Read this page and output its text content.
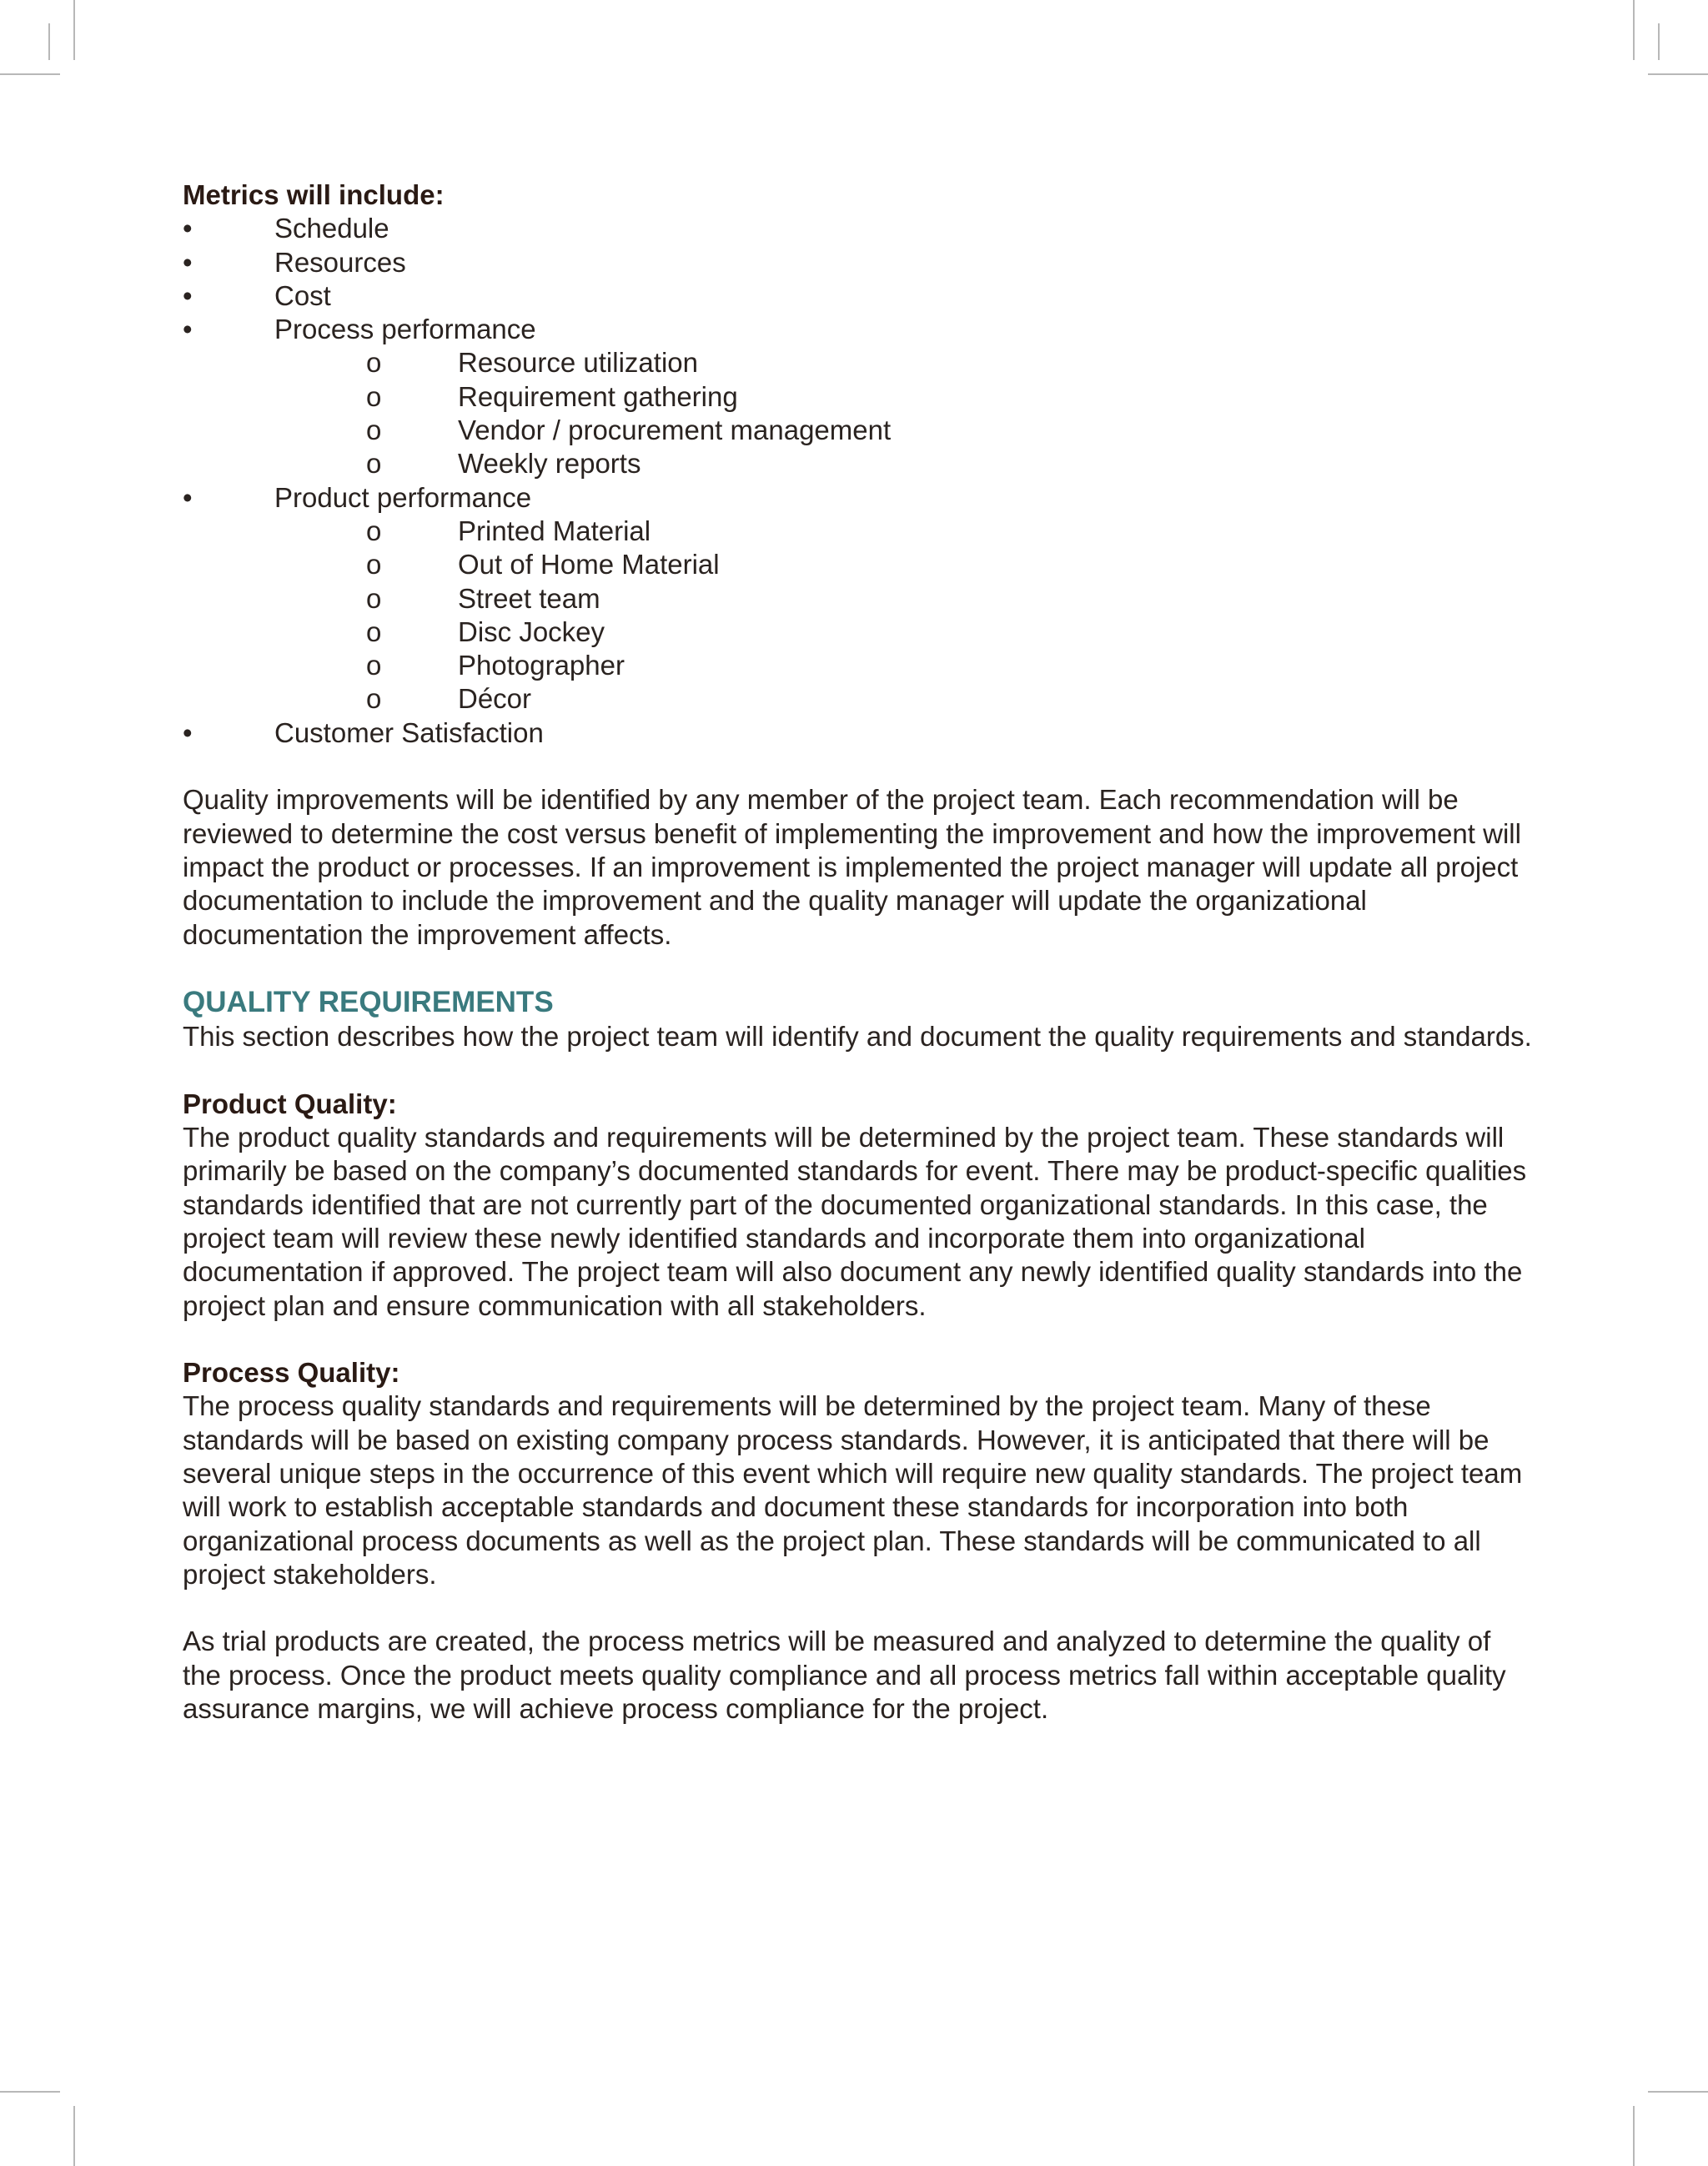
Metrics will include:

•	Schedule
•	Resources
•	Cost
•	Process performance
o	Resource utilization
o	Requirement gathering
o	Vendor / procurement management
o	Weekly reports
•	Product performance
o	Printed Material
o	Out of Home Material
o	Street team
o	Disc Jockey
o	Photographer
o	Décor
•	Customer Satisfaction

Quality improvements will be identified by any member of the project team. Each recommendation will be reviewed to determine the cost versus benefit of implementing the improvement and how the improvement will impact the product or processes. If an improvement is implemented the project manager will update all project documentation to include the improvement and the quality manager will update the organizational documentation the improvement affects.

QUALITY REQUIREMENTS

This section describes how the project team will identify and document the quality requirements and standards.

Product Quality:

The product quality standards and requirements will be determined by the project team. These standards will primarily be based on the company’s documented standards for event. There may be product-specific qualities standards identified that are not currently part of the documented organizational standards. In this case, the project team will review these newly identified standards and incorporate them into organizational documentation if approved. The project team will also document any newly identified quality standards into the project plan and ensure communication with all stakeholders.

Process Quality:

The process quality standards and requirements will be determined by the project team. Many of these standards will be based on existing company process standards. However, it is anticipated that there will be several unique steps in the occurrence of this event which will require new quality standards. The project team will work to establish acceptable standards and document these standards for incorporation into both organizational process documents as well as the project plan. These standards will be communicated to all project stakeholders.

As trial products are created, the process metrics will be measured and analyzed to determine the quality of the process. Once the product meets quality compliance and all process metrics fall within acceptable quality assurance margins, we will achieve process compliance for the project.
